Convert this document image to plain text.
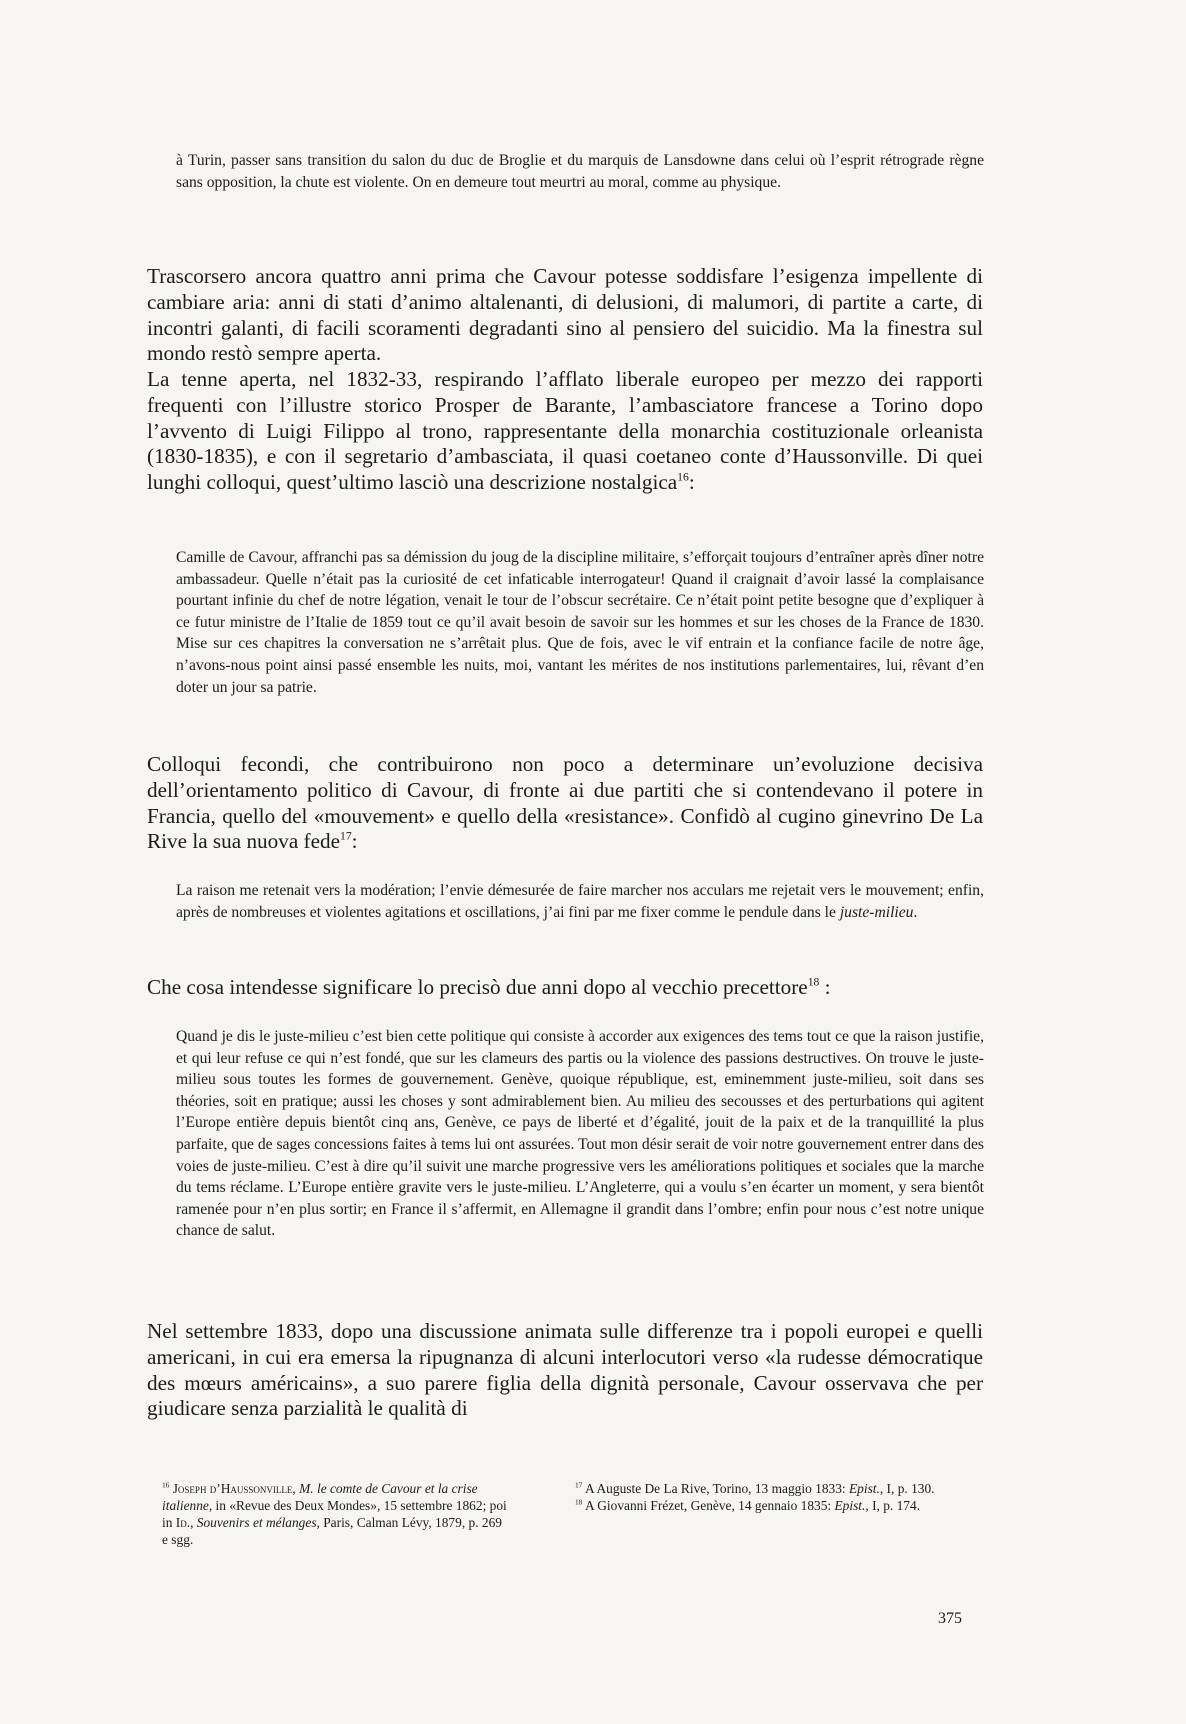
à Turin, passer sans transition du salon du duc de Broglie et du marquis de Lansdowne dans celui où l’esprit rétrograde règne sans opposition, la chute est violente. On en demeure tout meurtri au moral, comme au physique.

Trascorsero ancora quattro anni prima che Cavour potesse soddisfare l’esigenza impellente di cambiare aria: anni di stati d’animo altalenanti, di delusioni, di malumori, di partite a carte, di incontri galanti, di facili scoramenti degradanti sino al pensiero del suicidio. Ma la finestra sul mondo restò sempre aperta.

La tenne aperta, nel 1832-33, respirando l’afflato liberale europeo per mezzo dei rapporti frequenti con l’illustre storico Prosper de Barante, l’ambasciatore francese a Torino dopo l’avvento di Luigi Filippo al trono, rappresentante della monarchia costituzionale orleanista (1830-1835), e con il segretario d’ambasciata, il quasi coetaneo conte d’Haussonville. Di quei lunghi colloqui, quest’ultimo lasciò una descrizione nostalgica$^{16}$:

Camille de Cavour, affranchi pas sa démission du joug de la discipline militaire, s’efforçait toujours d’entraîner après dîner notre ambassadeur. Quelle n’était pas la curiosité de cet infaticable interrogateur! Quand il craignait d’avoir lassé la complaisance pourtant infinie du chef de notre légation, venait le tour de l’obscur secrétaire. Ce n’était point petite besogne que d’expliquer à ce futur ministre de l’Italie de 1859 tout ce qu’il avait besoin de savoir sur les hommes et sur les choses de la France de 1830. Mise sur ces chapitres la conversation ne s’arrêtait plus. Que de fois, avec le vif entrain et la confiance facile de notre âge, n’avons-nous point ainsi passé ensemble les nuits, moi, vantant les mérites de nos institutions parlementaires, lui, rêvant d’en doter un jour sa patrie.

Colloqui fecondi, che contribuirono non poco a determinare un’evoluzione decisiva dell’orientamento politico di Cavour, di fronte ai due partiti che si contendevano il potere in Francia, quello del «mouvement» e quello della «resistance». Confidò al cugino ginevrino De La Rive la sua nuova fede$^{17}$:

La raison me retenait vers la modération; l’envie démesurée de faire marcher nos acculars me rejetait vers le mouvement; enfin, après de nombreuses et violentes agitations et oscillations, j’ai fini par me fixer comme le pendule dans le juste-milieu.

Che cosa intendesse significare lo precisò due anni dopo al vecchio precettore$^{18}$ :

Quand je dis le juste-milieu c’est bien cette politique qui consiste à accorder aux exigences des tems tout ce que la raison justifie, et qui leur refuse ce qui n’est fondé, que sur les clameurs des partis ou la violence des passions destructives. On trouve le juste-milieu sous toutes les formes de gouvernement. Genève, quoique république, est, eminemment juste-milieu, soit dans ses théories, soit en pratique; aussi les choses y sont admirablement bien. Au milieu des secousses et des perturbations qui agitent l’Europe entière depuis bientôt cinq ans, Genève, ce pays de liberté et d’égalité, jouit de la paix et de la tranquillité la plus parfaite, que de sages concessions faites à tems lui ont assurées. Tout mon désir serait de voir notre gouvernement entrer dans des voies de juste-milieu. C’est à dire qu’il suivit une marche progressive vers les améliorations politiques et sociales que la marche du tems réclame. L’Europe entière gravite vers le juste-milieu. L’Angleterre, qui a voulu s’en écarter un moment, y sera bientôt ramenée pour n’en plus sortir; en France il s’affermit, en Allemagne il grandit dans l’ombre; enfin pour nous c’est notre unique chance de salut.

Nel settembre 1833, dopo una discussione animata sulle differenze tra i popoli europei e quelli americani, in cui era emersa la ripugnanza di alcuni interlocutori verso «la rudesse démocratique des mœurs américains», a suo parere figlia della dignità personale, Cavour osservava che per giudicare senza parzialità le qualità di

$^{16}$ Joseph d’Haussonville, M. le comte de Cavour et la crise italienne, in «Revue des Deux Mondes», 15 settembre 1862; poi in Id., Souvenirs et mélanges, Paris, Calman Lévy, 1879, p. 269 e sgg.

$^{17}$ A Auguste De La Rive, Torino, 13 maggio 1833: Epist., I, p. 130.

$^{18}$ A Giovanni Frézet, Genève, 14 gennaio 1835: Epist., I, p. 174.

375
